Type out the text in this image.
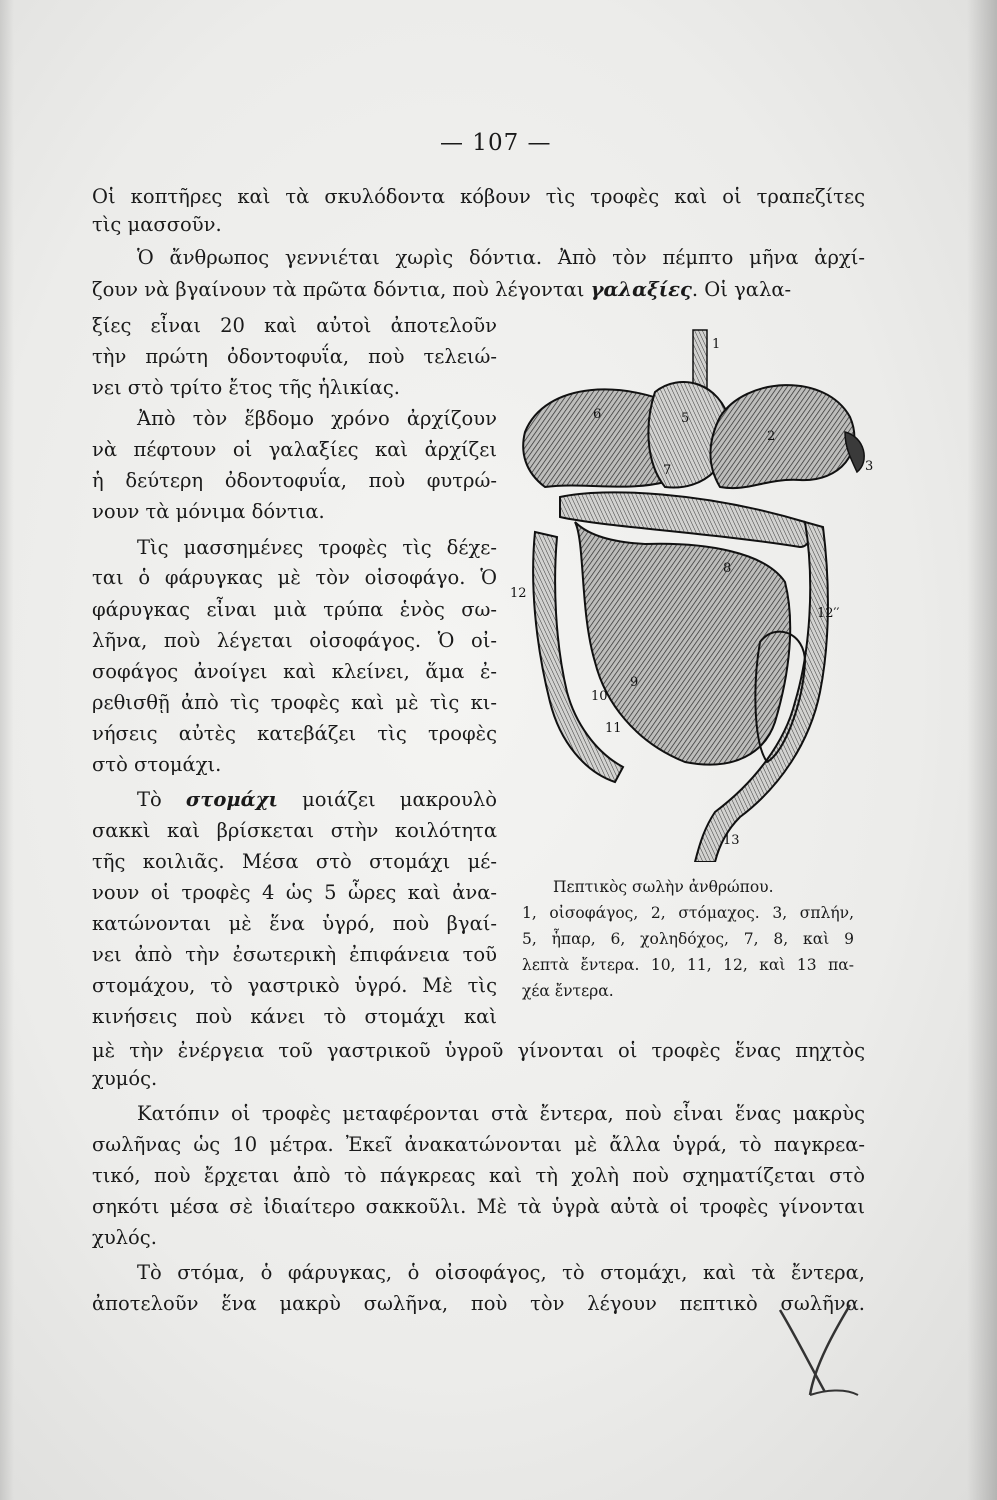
— 107 —
Οἱ κοπτῆρες καὶ τὰ σκυλόδοντα κόβουν τὶς τροφὲς καὶ οἱ τραπεζίτες
τὶς μασσοῦν.
Ὁ ἄνθρωπος γεννιέται χωρὶς δόντια. Ἀπὸ τὸν πέμπτο μῆνα ἀρχί-
ζουν νὰ βγαίνουν τὰ πρῶτα δόντια, ποὺ λέγονται γαλαξίες. Οἱ γαλα-
ξίες εἶναι 20 καὶ αὐτοὶ ἀποτελοῦν
τὴν πρώτη ὀδοντοφυΐα, ποὺ τελειώ-
νει στὸ τρίτο ἔτος τῆς ἡλικίας.
Ἀπὸ τὸν ἕβδομο χρόνο ἀρχίζουν
νὰ πέφτουν οἱ γαλαξίες καὶ ἀρχίζει
ἡ δεύτερη ὀδοντοφυΐα, ποὺ φυτρώ-
νουν τὰ μόνιμα δόντια.
Τὶς μασσημένες τροφὲς τὶς δέχε-
ται ὁ φάρυγκας μὲ τὸν οἰσοφάγο. Ὁ
φάρυγκας εἶναι μιὰ τρύπα ἑνὸς σω-
λῆνα, ποὺ λέγεται οἰσοφάγος. Ὁ οἰ-
σοφάγος ἀνοίγει καὶ κλείνει, ἅμα ἐ-
ρεθισθῇ ἀπὸ τὶς τροφὲς καὶ μὲ τὶς κι-
νήσεις αὐτὲς κατεβάζει τὶς τροφὲς
στὸ στομάχι.
Τὸ στομάχι μοιάζει μακρουλὸ
σακκὶ καὶ βρίσκεται στὴν κοιλότητα
τῆς κοιλιᾶς. Μέσα στὸ στομάχι μέ-
νουν οἱ τροφὲς 4 ὡς 5 ὧρες καὶ ἀνα-
κατώνονται μὲ ἕνα ὑγρό, ποὺ βγαί-
νει ἀπὸ τὴν ἐσωτερικὴ ἐπιφάνεια τοῦ
στομάχου, τὸ γαστρικὸ ὑγρό. Μὲ τὶς
κινήσεις ποὺ κάνει τὸ στομάχι καὶ
μὲ τὴν ἐνέργεια τοῦ γαστρικοῦ ὑγροῦ γίνονται οἱ τροφὲς ἕνας πηχτὸς
χυμός.
Κατόπιν οἱ τροφὲς μεταφέρονται στὰ ἔντερα, ποὺ εἶναι ἕνας μακρὺς
σωλῆνας ὡς 10 μέτρα. Ἐκεῖ ἀνακατώνονται μὲ ἄλλα ὑγρά, τὸ παγκρεα-
τικό, ποὺ ἔρχεται ἀπὸ τὸ πάγκρεας καὶ τὴ χολὴ ποὺ σχηματίζεται στὸ
σηκότι μέσα σὲ ἰδιαίτερο σακκοῦλι. Μὲ τὰ ὑγρὰ αὐτὰ οἱ τροφὲς γίνονται
χυλός.
Τὸ στόμα, ὁ φάρυγκας, ὁ οἰσοφάγος, τὸ στομάχι, καὶ τὰ ἔντερα,
ἀποτελοῦν ἕνα μακρὺ σωλῆνα, ποὺ τὸν λέγουν πεπτικὸ σωλῆνα.
1
2
3
5
6
7
8
9
10
11
12
12′′
13
Πεπτικὸς σωλὴν ἀνθρώπου.
1, οἰσοφάγος, 2, στόμαχος. 3, σπλήν,
5, ἧπαρ, 6, χοληδόχος, 7, 8, καὶ 9
λεπτὰ ἔντερα. 10, 11, 12, καὶ 13 πα-
χέα ἔντερα.
